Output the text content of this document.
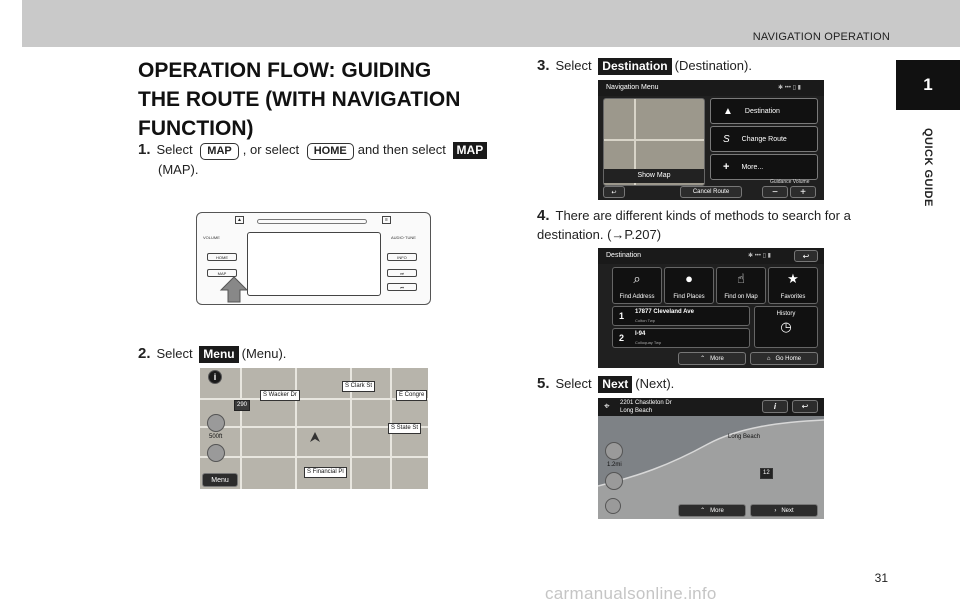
NAVIGATION OPERATION
1
QUICK GUIDE
OPERATION FLOW: GUIDING THE ROUTE (WITH NAVIGATION FUNCTION)
1. Select MAP , or select HOME and then select MAP
(MAP).
▲	≡
VOLUME	AUDIO·TUNE
HOME
MAP
INFO
⏭
⏮
2. Select Menu (Menu).
i
S Clark St
S Wacker Dr	E Congre
S State St
S Financial Pl
290
500ft
Menu
3. Select Destination (Destination).
Navigation Menu	✱ ••• ▯ ▮
Show Map
▲ Destination
S Change Route
+ More...
↩	Cancel Route
Guidance Volume
−	+
4. There are different kinds of methods to search for a destination. (→P.207)
Destination	✱ ••• ▯ ▮	↩
⌕
Find Address
●
Find Places
☝
Find on Map
★
Favorites
1 17877 Cleveland Ave
Colton Twp
2 I-94
Colloquay Twp
History
◷
⌃ More	⌂ Go Home
5. Select Next (Next).
⌖ 2201 Chastleton Dr
Long Beach	i	↩
Long Beach
12
1.2mi
⌃ More	› Next
31
carmanualsonline.info
